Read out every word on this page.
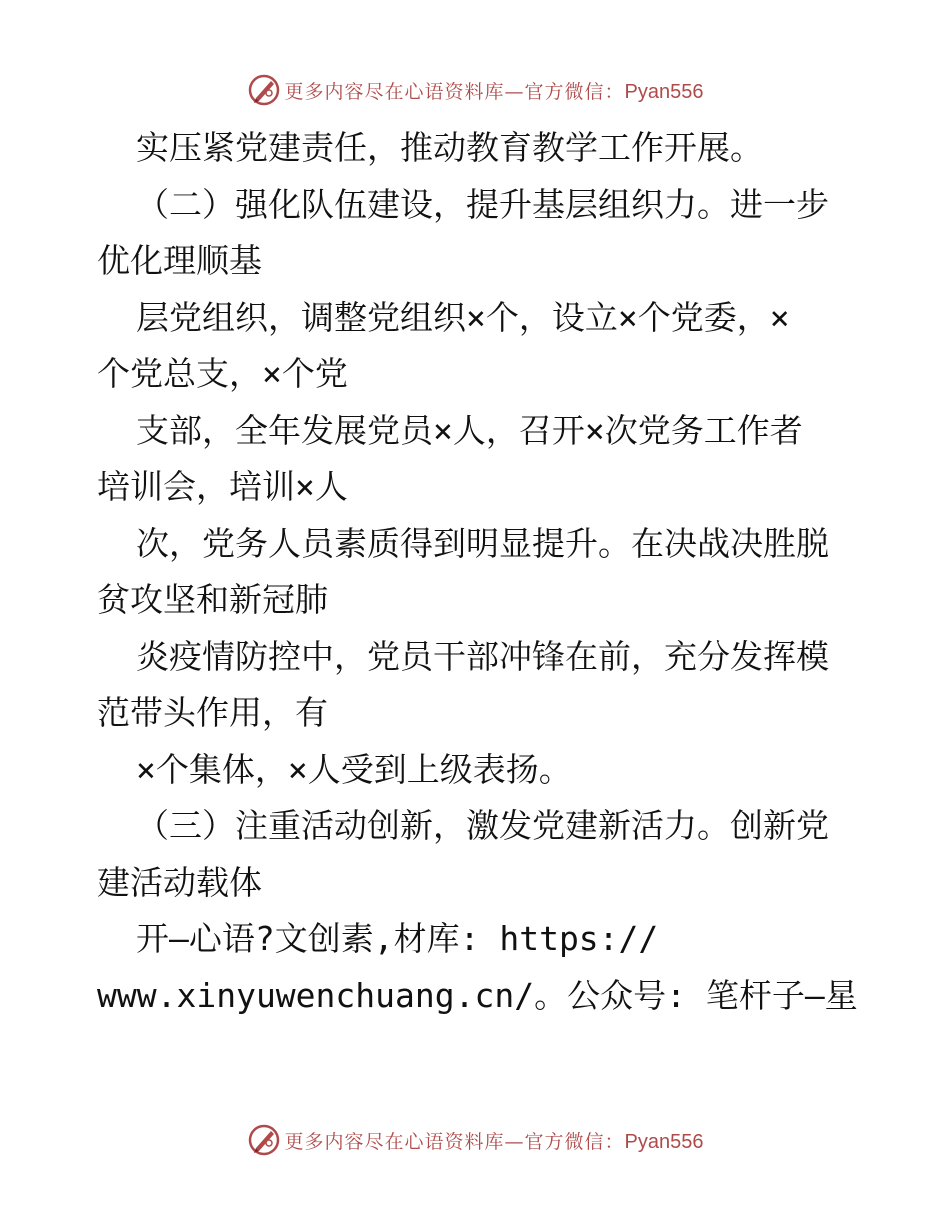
更多内容尽在心语资料库—官方微信：Pyan556
实压紧党建责任，推动教育教学工作开展。
（二）强化队伍建设，提升基层组织力。进一步
优化理顺基
层党组织，调整党组织×个，设立×个党委，×
个党总支，×个党
支部，全年发展党员×人，召开×次党务工作者
培训会，培训×人
次，党务人员素质得到明显提升。在决战决胜脱
贫攻坚和新冠肺
炎疫情防控中，党员干部冲锋在前，充分发挥模
范带头作用，有
×个集体，×人受到上级表扬。
（三）注重活动创新，激发党建新活力。创新党
建活动载体
开—心语?文创素,材库: https://
www.xinyuwenchuang.cn/。公众号: 笔杆子—星
更多内容尽在心语资料库—官方微信：Pyan556
